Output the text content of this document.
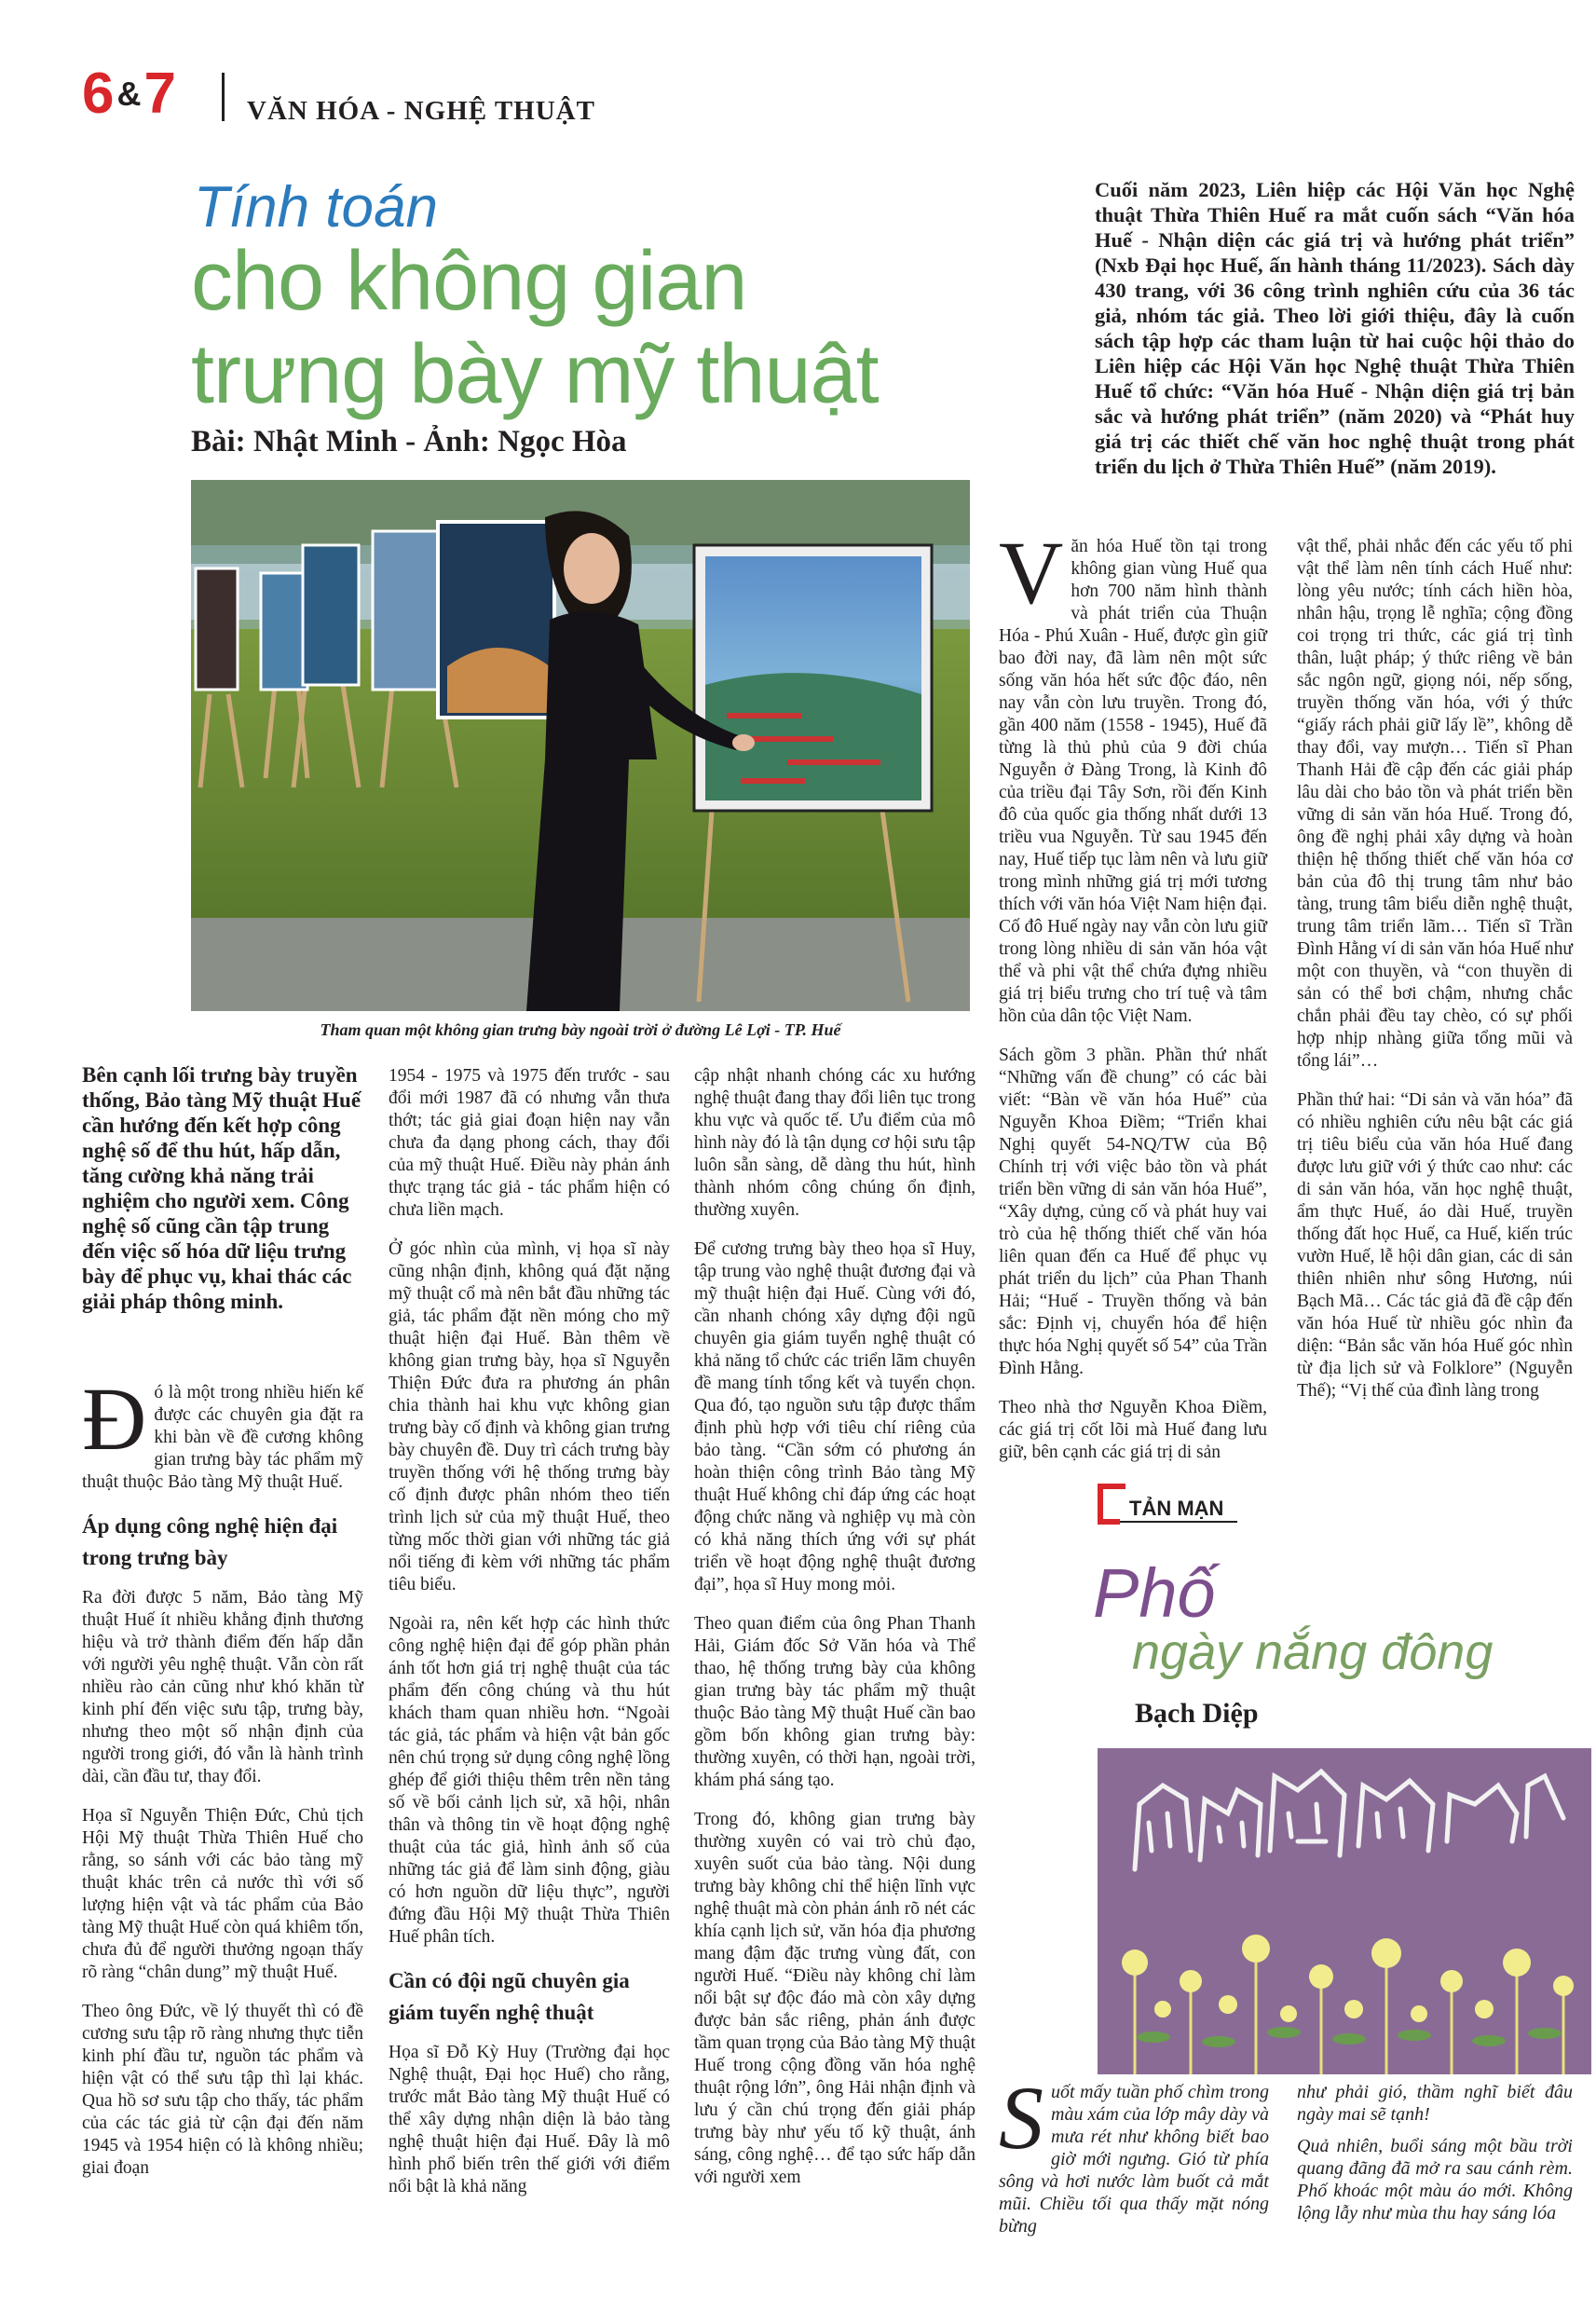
6 &7	VĂN HÓA - NGHỆ THUẬT
Tính toán
cho không gian
trưng bày mỹ thuật
Bài: Nhật Minh - Ảnh: Ngọc Hòa
Cuối năm 2023, Liên hiệp các Hội Văn học Nghệ thuật Thừa Thiên Huế ra mắt cuốn sách “Văn hóa Huế - Nhận diện các giá trị và hướng phát triển” (Nxb Đại học Huế, ấn hành tháng 11/2023). Sách dày 430 trang, với 36 công trình nghiên cứu của 36 tác giả, nhóm tác giả. Theo lời giới thiệu, đây là cuốn sách tập hợp các tham luận từ hai cuộc hội thảo do Liên hiệp các Hội Văn học Nghệ thuật Thừa Thiên Huế tổ chức: “Văn hóa Huế - Nhận diện giá trị bản sắc và hướng phát triển” (năm 2020) và “Phát huy giá trị các thiết chế văn hoc nghệ thuật trong phát triển du lịch ở Thừa Thiên Huế” (năm 2019).
Tham quan một không gian trưng bày ngoài trời ở đường Lê Lợi - TP. Huế
Bên cạnh lối trưng bày truyền thống, Bảo tàng Mỹ thuật Huế cần hướng đến kết hợp công nghệ số để thu hút, hấp dẫn, tăng cường khả năng trải nghiệm cho người xem. Công nghệ số cũng cần tập trung đến việc số hóa dữ liệu trưng bày để phục vụ, khai thác các giải pháp thông minh.

Đó là một trong nhiều hiến kế được các chuyên gia đặt ra khi bàn về đề cương không gian trưng bày tác phẩm mỹ thuật thuộc Bảo tàng Mỹ thuật Huế.

Áp dụng công nghệ hiện đại trong trưng bày

Ra đời được 5 năm, Bảo tàng Mỹ thuật Huế ít nhiều khẳng định thương hiệu và trở thành điểm đến hấp dẫn với người yêu nghệ thuật. Vẫn còn rất nhiều rào cản cũng như khó khăn từ kinh phí đến việc sưu tập, trưng bày, nhưng theo một số nhận định của người trong giới, đó vẫn là hành trình dài, cần đầu tư, thay đổi.

Họa sĩ Nguyễn Thiện Đức, Chủ tịch Hội Mỹ thuật Thừa Thiên Huế cho rằng, so sánh với các bảo tàng mỹ thuật khác trên cả nước thì với số lượng hiện vật và tác phẩm của Bảo tàng Mỹ thuật Huế còn quá khiêm tốn, chưa đủ để người thưởng ngoạn thấy rõ ràng “chân dung” mỹ thuật Huế.

Theo ông Đức, về lý thuyết thì có đề cương sưu tập rõ ràng nhưng thực tiễn kinh phí đầu tư, nguồn tác phẩm và hiện vật có thể sưu tập thì lại khác. Qua hồ sơ sưu tập cho thấy, tác phẩm của các tác giả từ cận đại đến năm 1945 và 1954 hiện có là không nhiều; giai đoạn

1954 - 1975 và 1975 đến trước - sau đổi mới 1987 đã có nhưng vẫn thưa thớt; tác giả giai đoạn hiện nay vẫn chưa đa dạng phong cách, thay đổi của mỹ thuật Huế. Điều này phản ánh thực trạng tác giả - tác phẩm hiện có chưa liền mạch.

Ở góc nhìn của mình, vị họa sĩ này cũng nhận định, không quá đặt nặng mỹ thuật cổ mà nên bắt đầu những tác giả, tác phẩm đặt nền móng cho mỹ thuật hiện đại Huế. Bàn thêm về không gian trưng bày, họa sĩ Nguyễn Thiện Đức đưa ra phương án phân chia thành hai khu vực không gian trưng bày cố định và không gian trưng bày chuyên đề. Duy trì cách trưng bày truyền thống với hệ thống trưng bày cố định được phân nhóm theo tiến trình lịch sử của mỹ thuật Huế, theo từng mốc thời gian với những tác giả nổi tiếng đi kèm với những tác phẩm tiêu biểu.

Ngoài ra, nên kết hợp các hình thức công nghệ hiện đại để góp phần phản ánh tốt hơn giá trị nghệ thuật của tác phẩm đến công chúng và thu hút khách tham quan nhiều hơn. “Ngoài tác giả, tác phẩm và hiện vật bản gốc nên chú trọng sử dụng công nghệ lồng ghép để giới thiệu thêm trên nền tảng số về bối cảnh lịch sử, xã hội, nhân thân và thông tin về hoạt động nghệ thuật của tác giả, hình ảnh số của những tác giả để làm sinh động, giàu có hơn nguồn dữ liệu thực”, người đứng đầu Hội Mỹ thuật Thừa Thiên Huế phân tích.

Cần có đội ngũ chuyên gia giám tuyển nghệ thuật

Họa sĩ Đỗ Kỳ Huy (Trường đại học Nghệ thuật, Đại học Huế) cho rằng, trước mắt Bảo tàng Mỹ thuật Huế có thể xây dựng nhận diện là bảo tàng nghệ thuật hiện đại Huế. Đây là mô hình phổ biến trên thế giới với điểm nổi bật là khả năng

cập nhật nhanh chóng các xu hướng nghệ thuật đang thay đổi liên tục trong khu vực và quốc tế. Ưu điểm của mô hình này đó là tận dụng cơ hội sưu tập luôn sẵn sàng, dễ dàng thu hút, hình thành nhóm công chúng ổn định, thường xuyên.

Để cương trưng bày theo họa sĩ Huy, tập trung vào nghệ thuật đương đại và mỹ thuật hiện đại Huế. Cùng với đó, cần nhanh chóng xây dựng đội ngũ chuyên gia giám tuyển nghệ thuật có khả năng tổ chức các triển lãm chuyên đề mang tính tổng kết và tuyển chọn. Qua đó, tạo nguồn sưu tập được thẩm định phù hợp với tiêu chí riêng của bảo tàng. “Cần sớm có phương án hoàn thiện công trình Bảo tàng Mỹ thuật Huế không chỉ đáp ứng các hoạt động chức năng và nghiệp vụ mà còn có khả năng thích ứng với sự phát triển về hoạt động nghệ thuật đương đại”, họa sĩ Huy mong mỏi.

Theo quan điểm của ông Phan Thanh Hải, Giám đốc Sở Văn hóa và Thể thao, hệ thống trưng bày của không gian trưng bày tác phẩm mỹ thuật thuộc Bảo tàng Mỹ thuật Huế cần bao gồm bốn không gian trưng bày: thường xuyên, có thời hạn, ngoài trời, khám phá sáng tạo.

Trong đó, không gian trưng bày thường xuyên có vai trò chủ đạo, xuyên suốt của bảo tàng. Nội dung trưng bày không chỉ thể hiện lĩnh vực nghệ thuật mà còn phản ánh rõ nét các khía cạnh lịch sử, văn hóa địa phương mang đậm đặc trưng vùng đất, con người Huế. “Điều này không chỉ làm nổi bật sự độc đáo mà còn xây dựng được bản sắc riêng, phản ánh được tầm quan trọng của Bảo tàng Mỹ thuật Huế trong cộng đồng văn hóa nghệ thuật rộng lớn”, ông Hải nhận định và lưu ý cần chú trọng đến giải pháp trưng bày như yếu tố kỹ thuật, ánh sáng, công nghệ… để tạo sức hấp dẫn với người xem

Văn hóa Huế tồn tại trong không gian vùng Huế qua hơn 700 năm hình thành và phát triển của Thuận Hóa - Phú Xuân - Huế, được gìn giữ bao đời nay, đã làm nên một sức sống văn hóa hết sức độc đáo, nên nay vẫn còn lưu truyền. Trong đó, gần 400 năm (1558 - 1945), Huế đã từng là thủ phủ của 9 đời chúa Nguyễn ở Đàng Trong, là Kinh đô của triều đại Tây Sơn, rồi đến Kinh đô của quốc gia thống nhất dưới 13 triều vua Nguyễn. Từ sau 1945 đến nay, Huế tiếp tục làm nên và lưu giữ trong mình những giá trị mới tương thích với văn hóa Việt Nam hiện đại. Cố đô Huế ngày nay vẫn còn lưu giữ trong lòng nhiều di sản văn hóa vật thể và phi vật thể chứa đựng nhiều giá trị biểu trưng cho trí tuệ và tâm hồn của dân tộc Việt Nam.

Sách gồm 3 phần. Phần thứ nhất “Những vấn đề chung” có các bài viết: “Bàn về văn hóa Huế” của Nguyễn Khoa Điềm; “Triển khai Nghị quyết 54-NQ/TW của Bộ Chính trị với việc bảo tồn và phát triển bền vững di sản văn hóa Huế”, “Xây dựng, củng cố và phát huy vai trò của hệ thống thiết chế văn hóa liên quan đến ca Huế để phục vụ phát triển du lịch” của Phan Thanh Hải; “Huế - Truyền thống và bản sắc: Định vị, chuyển hóa để hiện thực hóa Nghị quyết số 54” của Trần Đình Hằng.

Theo nhà thơ Nguyễn Khoa Điềm, các giá trị cốt lõi mà Huế đang lưu giữ, bên cạnh các giá trị di sản

vật thể, phải nhắc đến các yếu tố phi vật thể làm nên tính cách Huế như: lòng yêu nước; tính cách hiền hòa, nhân hậu, trọng lễ nghĩa; cộng đồng coi trọng tri thức, các giá trị tình thân, luật pháp; ý thức riêng về bản sắc ngôn ngữ, giọng nói, nếp sống, truyền thống văn hóa, với ý thức “giấy rách phải giữ lấy lề”, không dễ thay đổi, vay mượn… Tiến sĩ Phan Thanh Hải đề cập đến các giải pháp lâu dài cho bảo tồn và phát triển bền vững di sản văn hóa Huế. Trong đó, ông đề nghị phải xây dựng và hoàn thiện hệ thống thiết chế văn hóa cơ bản của đô thị trung tâm như bảo tàng, trung tâm biểu diễn nghệ thuật, trung tâm triển lãm… Tiến sĩ Trần Đình Hằng ví di sản văn hóa Huế như một con thuyền, và “con thuyền di sản có thể bơi chậm, nhưng chắc chắn phải đều tay chèo, có sự phối hợp nhịp nhàng giữa tổng mũi và tổng lái”…

Phần thứ hai: “Di sản và văn hóa” đã có nhiều nghiên cứu nêu bật các giá trị tiêu biểu của văn hóa Huế đang được lưu giữ với ý thức cao như: các di sản văn hóa, văn học nghệ thuật, ẩm thực Huế, áo dài Huế, truyền thống đất học Huế, ca Huế, kiến trúc vườn Huế, lễ hội dân gian, các di sản thiên nhiên như sông Hương, núi Bạch Mã… Các tác giả đã đề cập đến văn hóa Huế từ nhiều góc nhìn đa diện: “Bản sắc văn hóa Huế góc nhìn từ địa lịch sử và Folklore” (Nguyễn Thế); “Vị thế của đình làng trong

TẢN MẠN
Phố
ngày nắng đông
Bạch Diệp

Suốt mấy tuần phố chìm trong màu xám của lớp mây dày và mưa rét như không biết bao giờ mới ngưng. Gió từ phía sông và hơi nước làm buốt cả mắt mũi. Chiều tối qua thấy mặt nóng bừng

như phải gió, thầm nghĩ biết đâu ngày mai sẽ tạnh!

Quả nhiên, buổi sáng một bầu trời quang đãng đã mở ra sau cánh rèm. Phố khoác một màu áo mới. Không lộng lẫy như mùa thu hay sáng lóa
